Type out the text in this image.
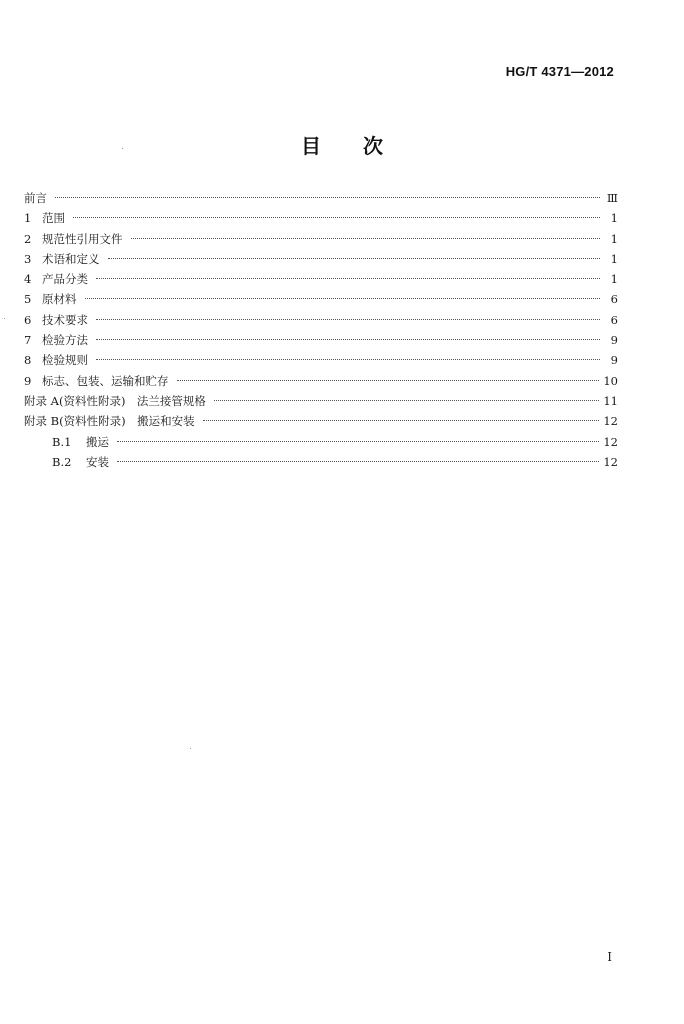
HG/T 4371—2012
目 次
前言	Ⅲ
1 范围	1
2 规范性引用文件	1
3 术语和定义	1
4 产品分类	1
5 原材料	6
6 技术要求	6
7 检验方法	9
8 检验规则	9
9 标志、包装、运输和贮存	10
附录 A(资料性附录)　法兰接管规格	11
附录 B(资料性附录)　搬运和安装	12
B.1	搬运	12
B.2	安装	12
Ⅰ
